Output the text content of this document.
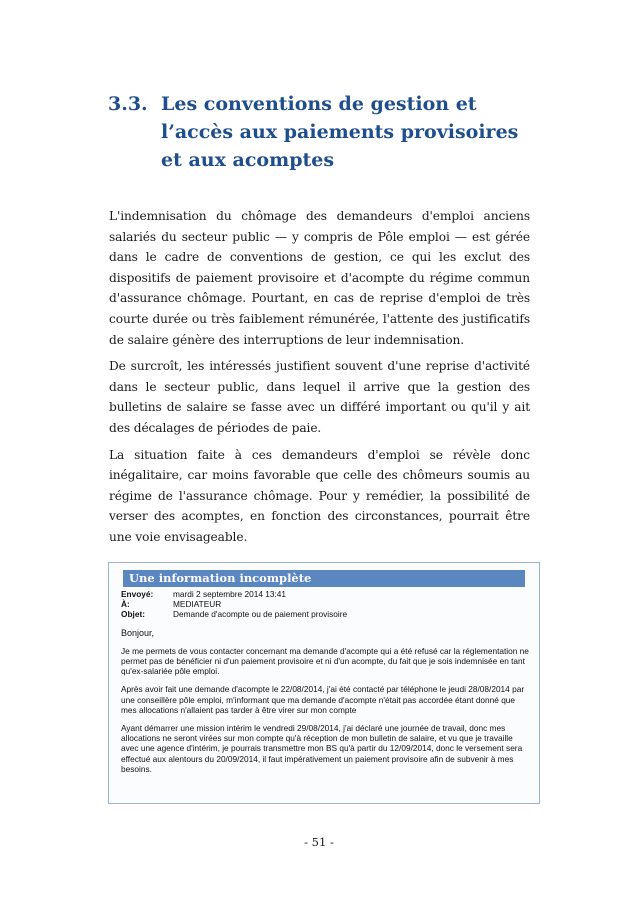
3.3. Les conventions de gestion et l’accès aux paiements provisoires et aux acomptes

L'indemnisation du chômage des demandeurs d'emploi anciens salariés du secteur public — y compris de Pôle emploi — est gérée dans le cadre de conventions de gestion, ce qui les exclut des dispositifs de paiement provisoire et d'acompte du régime commun d'assurance chômage. Pourtant, en cas de reprise d'emploi de très courte durée ou très faiblement rémunérée, l'attente des justificatifs de salaire génère des interruptions de leur indemnisation.

De surcroît, les intéressés justifient souvent d'une reprise d'activité dans le secteur public, dans lequel il arrive que la gestion des bulletins de salaire se fasse avec un différé important ou qu'il y ait des décalages de périodes de paie.

La situation faite à ces demandeurs d'emploi se révèle donc inégalitaire, car moins favorable que celle des chômeurs soumis au régime de l'assurance chômage. Pour y remédier, la possibilité de verser des acomptes, en fonction des circonstances, pourrait être une voie envisageable.

Une information incomplète
Envoyé:	mardi 2 septembre 2014 13:41
À:	MEDIATEUR
Objet:	Demande d'acompte ou de paiement provisoire
Bonjour,

Je me permets de vous contacter concernant ma demande d'acompte qui a été refusé car la réglementation ne permet pas de bénéficier ni d'un paiement provisoire et ni d'un acompte, du fait que je sois indemnisée en tant qu'ex-salariée pôle emploi.

Après avoir fait une demande d'acompte le 22/08/2014, j'ai été contacté par téléphone le jeudi 28/08/2014 par une conseillère pôle emploi, m'informant que ma demande d'acompte n'était pas accordée étant donné que mes allocations n'allaient pas tarder à être virer sur mon compte

Ayant démarrer une mission intérim le vendredi 29/08/2014, j'ai déclaré une journée de travail, donc mes allocations ne seront virées sur mon compte qu'à réception de mon bulletin de salaire, et vu que je travaille avec une agence d'intérim, je pourrais transmettre mon BS qu'à partir du 12/09/2014, donc le versement sera effectué aux alentours du 20/09/2014, il faut impérativement un paiement provisoire afin de subvenir à mes besoins.

- 51 -
